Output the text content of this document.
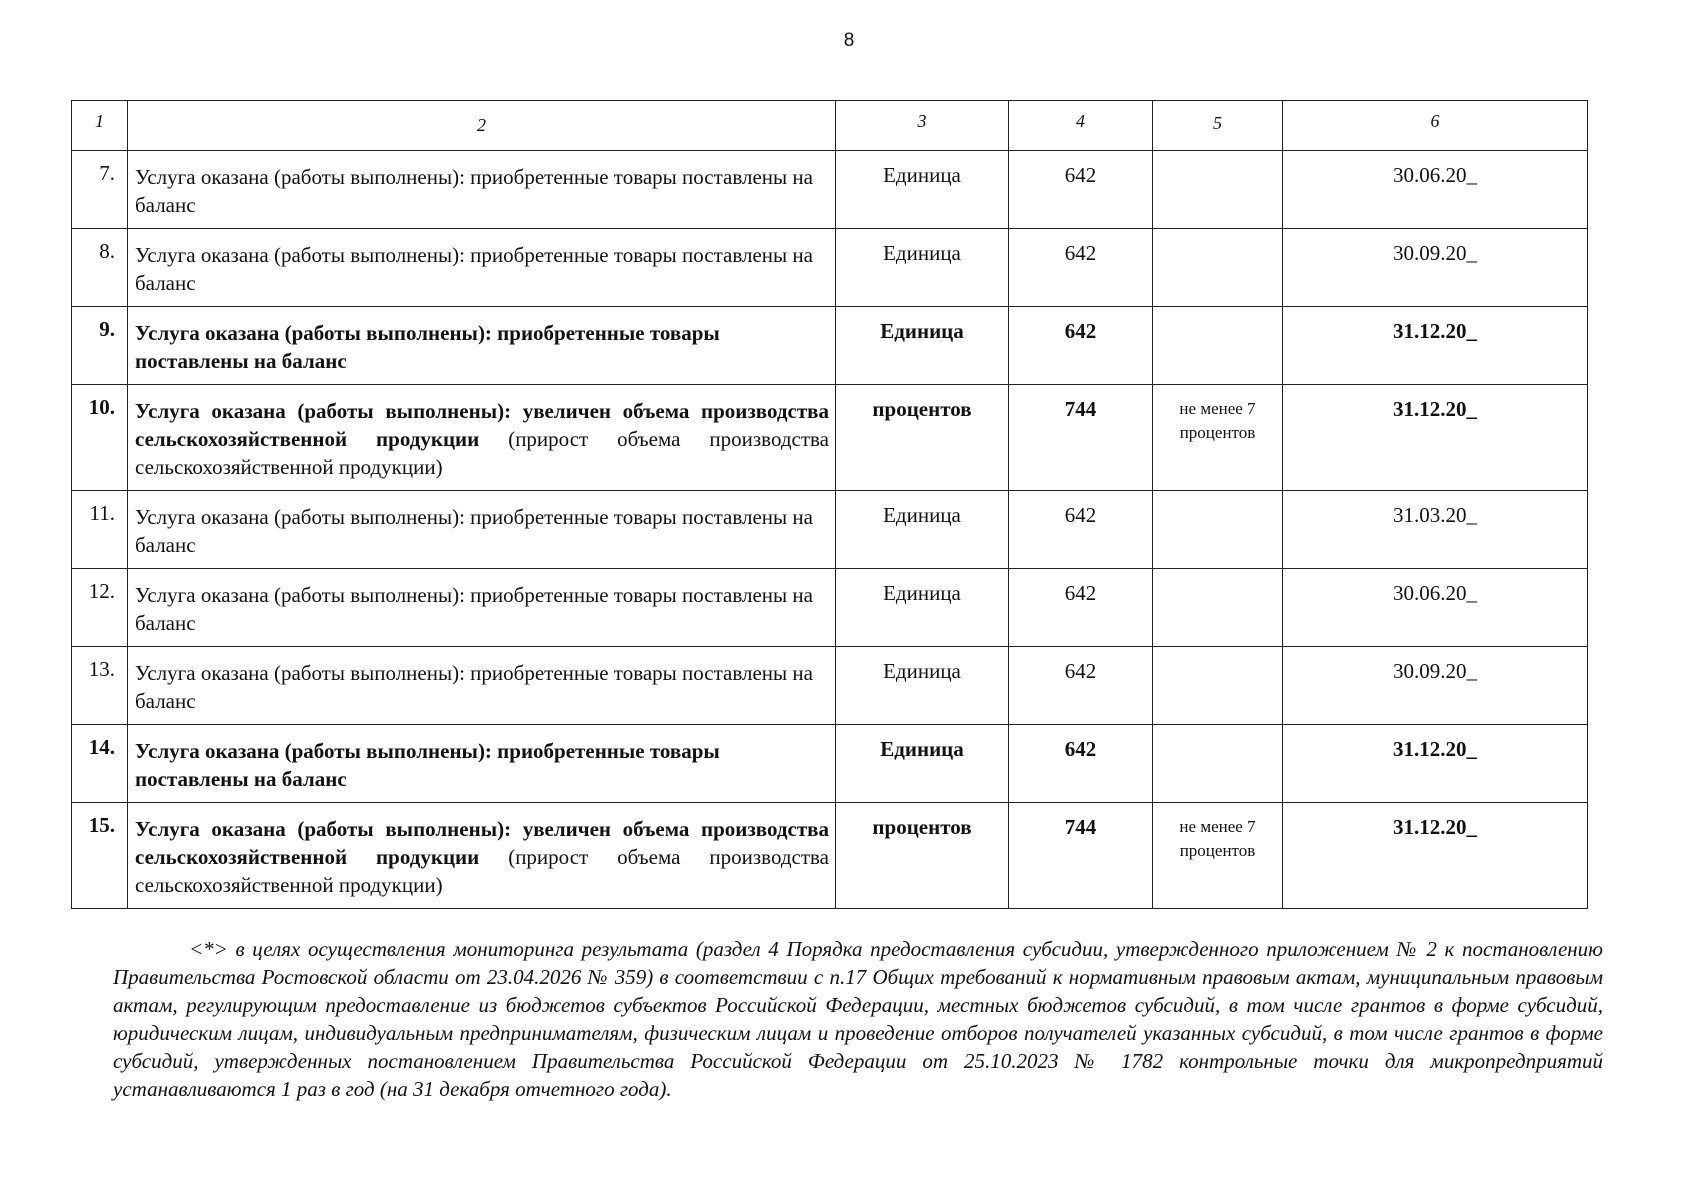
8
1	2	3	4	5	6
7.	Услуга оказана (работы выполнены): приобретенные товары поставлены на баланс	Единица	642		30.06.20_
8.	Услуга оказана (работы выполнены): приобретенные товары поставлены на баланс	Единица	642		30.09.20_
9.	Услуга оказана (работы выполнены): приобретенные товары поставлены на баланс	Единица	642		31.12.20_
10.	Услуга оказана (работы выполнены): увеличен объема производства сельскохозяйственной продукции (прирост объема производства сельскохозяйственной продукции)	процентов	744	не менее 7 процентов	31.12.20_
11.	Услуга оказана (работы выполнены): приобретенные товары поставлены на баланс	Единица	642		31.03.20_
12.	Услуга оказана (работы выполнены): приобретенные товары поставлены на баланс	Единица	642		30.06.20_
13.	Услуга оказана (работы выполнены): приобретенные товары поставлены на баланс	Единица	642		30.09.20_
14.	Услуга оказана (работы выполнены): приобретенные товары поставлены на баланс	Единица	642		31.12.20_
15.	Услуга оказана (работы выполнены): увеличен объема производства сельскохозяйственной продукции (прирост объема производства сельскохозяйственной продукции)	процентов	744	не менее 7 процентов	31.12.20_
<*> в целях осуществления мониторинга результата (раздел 4 Порядка предоставления субсидии, утвержденного приложением № 2 к постановлению Правительства Ростовской области от 23.04.2026 № 359) в соответствии с п.17 Общих требований к нормативным правовым актам, муниципальным правовым актам, регулирующим предоставление из бюджетов субъектов Российской Федерации, местных бюджетов субсидий, в том числе грантов в форме субсидий, юридическим лицам, индивидуальным предпринимателям, физическим лицам и проведение отборов получателей указанных субсидий, в том числе грантов в форме субсидий, утвержденных постановлением Правительства Российской Федерации от 25.10.2023 № 1782 контрольные точки для микропредприятий устанавливаются 1 раз в год (на 31 декабря отчетного года).
